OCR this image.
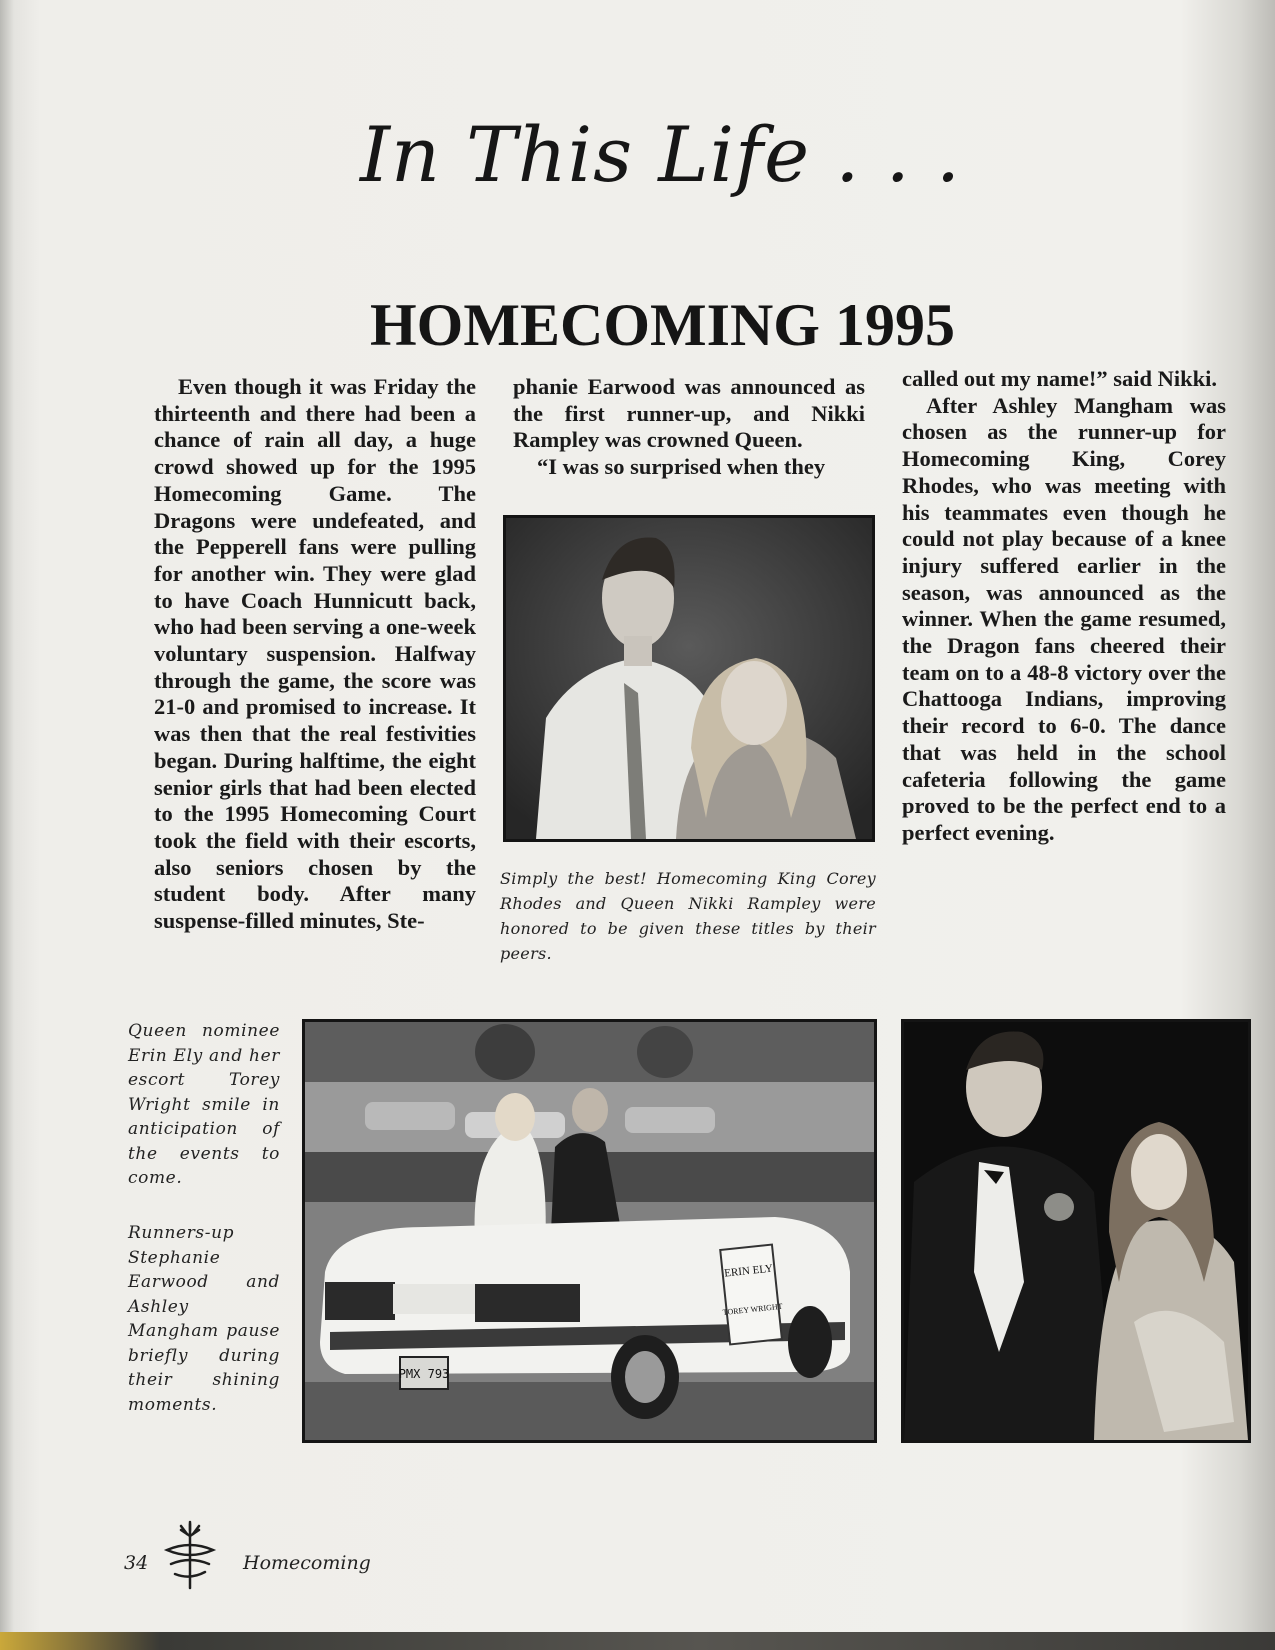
In This Life . . .
HOMECOMING 1995

Even though it was Friday the thirteenth and there had been a chance of rain all day, a huge crowd showed up for the 1995 Homecoming Game. The Dragons were undefeated, and the Pepperell fans were pulling for another win. They were glad to have Coach Hunnicutt back, who had been serving a one-week voluntary suspension. Halfway through the game, the score was 21-0 and promised to increase. It was then that the real festivities began. During halftime, the eight senior girls that had been elected to the 1995 Homecoming Court took the field with their escorts, also seniors chosen by the student body. After many suspense-filled minutes, Ste-

phanie Earwood was announced as the first runner-up, and Nikki Rampley was crowned Queen.

“I was so surprised when they

called out my name!” said Nikki.

After Ashley Mangham was chosen as the runner-up for Homecoming King, Corey Rhodes, who was meeting with his teammates even though he could not play because of a knee injury suffered earlier in the season, was announced as the winner. When the game resumed, the Dragon fans cheered their team on to a 48-8 victory over the Chattooga Indians, improving their record to 6-0. The dance that was held in the school cafeteria following the game proved to be the perfect end to a perfect evening.

Simply the best! Homecoming King Corey Rhodes and Queen Nikki Rampley were honored to be given these titles by their peers.

Queen nominee Erin Ely and her escort Torey Wright smile in anticipation of the events to come.

Runners-up Stephanie Earwood and Ashley Mangham pause briefly during their shining moments.

PMX 793
ERIN ELY
TOREY WRIGHT
34	Homecoming
